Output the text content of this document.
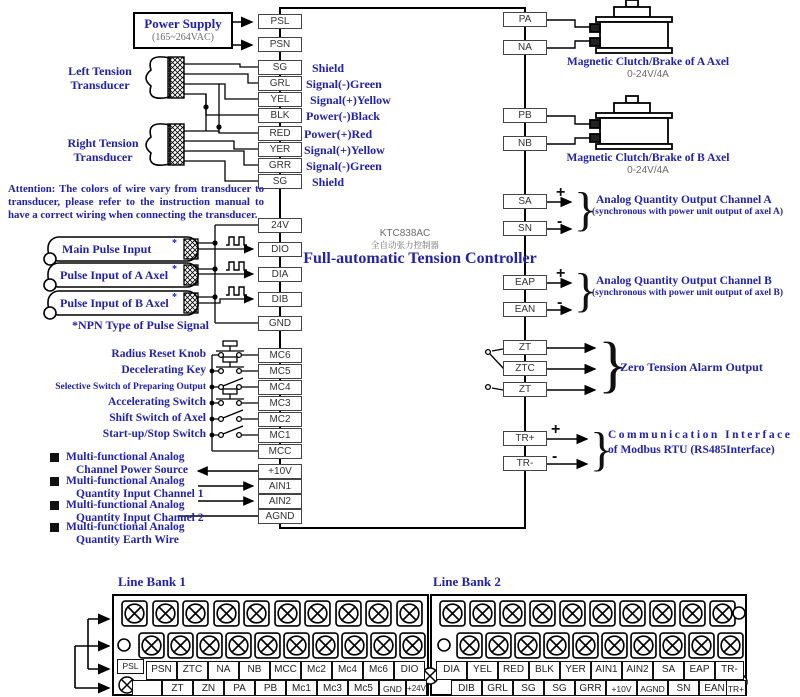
Power Supply
(165~264VAC)
PSL
PSN
SG
GRL
YEL
BLK
RED
YER
GRR
SG
24V
DIO
DIA
DIB
GND
MC6
MC5
MC4
MC3
MC2
MC1
MCC
+10V
AIN1
AIN2
AGND
PA
NA
PB
NB
SA
SN
EAP
EAN
ZT
ZTC
ZT
TR+
TR-
Left Tension
Transducer
Right Tension
Transducer
Shield
Signal(-)Green
Signal(+)Yellow
Power(-)Black
Power(+)Red
Signal(+)Yellow
Signal(-)Green
Shield
Attention: The colors of wire vary from transducer to transducer, please refer to the instruction manual to have a correct wiring when connecting the transducer.
Main Pulse Input
Pulse Input of A Axel
Pulse Input of B Axel
*
*
*
*NPN Type of Pulse Signal
KTC838AC
全自动张力控制器
Full-automatic Tension Controller
Radius Reset Knob
Decelerating Key
Selective Switch of Preparing Output
Accelerating Switch
Shift Switch of Axel
Start-up/Stop Switch
Multi-functional Analog
Channel Power Source
Multi-functional Analog
Quantity Input Channel 1
Multi-functional Analog
Quantity Input Channel 2
Multi-functional Analog
Quantity Earth Wire
Magnetic Clutch/Brake of A Axel
0-24V/4A
Magnetic Clutch/Brake of B Axel
0-24V/4A
+
- }
Analog Quantity Output Channel A
(synchronous with power unit output of axel A)
+
- }
Analog Quantity Output Channel B
(synchronous with power unit output of axel B)
}
Zero Tension Alarm Output
+
- }
Communication Interface
of Modbus RTU (RS485Interface)
Line Bank 1	Line Bank 2
PSL	PSN	ZTC	NA	NB	MCC	Mc2	Mc4	Mc6	DIO
ZT	ZN	PA	PB	Mc1	Mc3	Mc5	GND +24V
DIA	YEL	RED	BLK	YER AIN1 AIN2	SA	EAP	TR-
DIB	GRL	SG	SG	GRR	+10V	AGND	SN	EAN TR+
